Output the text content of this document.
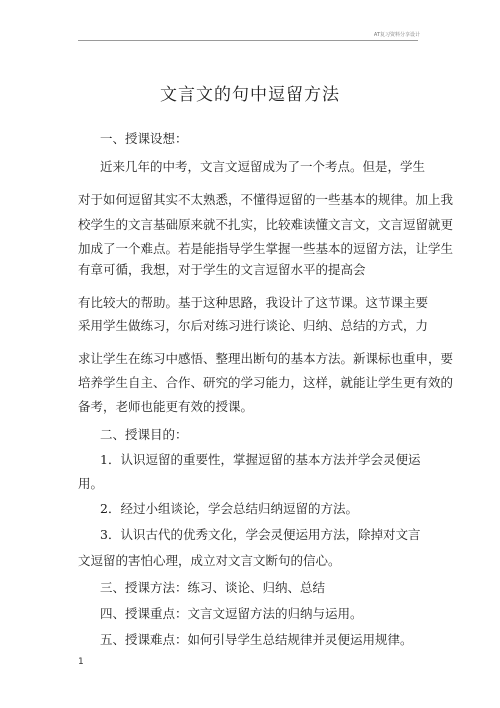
AT复习资料分享设计
文言文的句中逗留方法
一、授课设想：
近来几年的中考，文言文逗留成为了一个考点。但是，学生
对于如何逗留其实不太熟悉，不懂得逗留的一些基本的规律。加上我
校学生的文言基础原来就不扎实，比较难读懂文言文，文言逗留就更
加成了一个难点。若是能指导学生掌握一些基本的逗留方法，让学生
有章可循，我想，对于学生的文言逗留水平的提高会
有比较大的帮助。基于这种思路，我设计了这节课。这节课主要
采用学生做练习，尔后对练习进行谈论、归纳、总结的方式，力
求让学生在练习中感悟、整理出断句的基本方法。新课标也重申，要
培养学生自主、合作、研究的学习能力，这样，就能让学生更有效的
备考，老师也能更有效的授课。
二、授课目的：
1．认识逗留的重要性，掌握逗留的基本方法并学会灵便运
用。
2．经过小组谈论，学会总结归纳逗留的方法。
3．认识古代的优秀文化，学会灵便运用方法，除掉对文言
文逗留的害怕心理，成立对文言文断句的信心。
三、授课方法：练习、谈论、归纳、总结
四、授课重点：文言文逗留方法的归纳与运用。
五、授课难点：如何引导学生总结规律并灵便运用规律。
1
